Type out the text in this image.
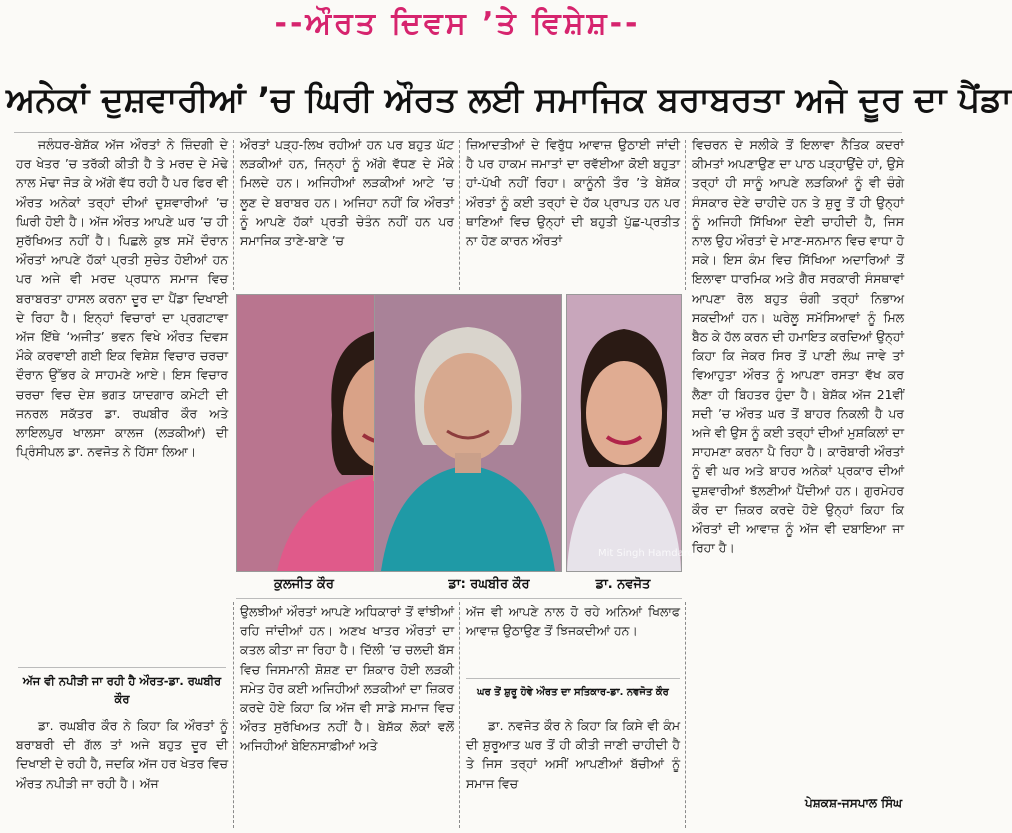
--ਔਰਤ ਦਿਵਸ ’ਤੇ ਵਿਸ਼ੇਸ਼--
ਅਨੇਕਾਂ ਦੁਸ਼ਵਾਰੀਆਂ ’ਚ ਘਿਰੀ ਔਰਤ ਲਈ ਸਮਾਜਿਕ ਬਰਾਬਰਤਾ ਅਜੇ ਦੂਰ ਦਾ ਪੈਂਡਾ

ਜਲੰਧਰ-ਬੇਸ਼ੱਕ ਅੱਜ ਔਰਤਾਂ ਨੇ ਜ਼ਿੰਦਗੀ ਦੇ ਹਰ ਖੇਤਰ ’ਚ ਤਰੱਕੀ ਕੀਤੀ ਹੈ ਤੇ ਮਰਦ ਦੇ ਮੋਢੇ ਨਾਲ ਮੋਢਾ ਜੋੜ ਕੇ ਅੱਗੇ ਵੱਧ ਰਹੀ ਹੈ ਪਰ ਫਿਰ ਵੀ ਔਰਤ ਅਨੇਕਾਂ ਤਰ੍ਹਾਂ ਦੀਆਂ ਦੁਸ਼ਵਾਰੀਆਂ ’ਚ ਘਿਰੀ ਹੋਈ ਹੈ। ਅੱਜ ਔਰਤ ਆਪਣੇ ਘਰ ’ਚ ਹੀ ਸੁਰੱਖਿਅਤ ਨਹੀਂ ਹੈ। ਪਿਛਲੇ ਕੁਝ ਸਮੇਂ ਦੌਰਾਨ ਔਰਤਾਂ ਆਪਣੇ ਹੱਕਾਂ ਪ੍ਰਤੀ ਸੁਚੇਤ ਹੋਈਆਂ ਹਨ ਪਰ ਅਜੇ ਵੀ ਮਰਦ ਪ੍ਰਧਾਨ ਸਮਾਜ ਵਿਚ ਬਰਾਬਰਤਾ ਹਾਸਲ ਕਰਨਾ ਦੂਰ ਦਾ ਪੈਂਡਾ ਦਿਖਾਈ ਦੇ ਰਿਹਾ ਹੈ। ਇਨ੍ਹਾਂ ਵਿਚਾਰਾਂ ਦਾ ਪ੍ਰਗਟਾਵਾ ਅੱਜ ਇੱਥੇ ‘ਅਜੀਤ’ ਭਵਨ ਵਿਖੇ ਔਰਤ ਦਿਵਸ ਮੌਕੇ ਕਰਵਾਈ ਗਈ ਇਕ ਵਿਸ਼ੇਸ਼ ਵਿਚਾਰ ਚਰਚਾ ਦੌਰਾਨ ਉੱਭਰ ਕੇ ਸਾਹਮਣੇ ਆਏ। ਇਸ ਵਿਚਾਰ ਚਰਚਾ ਵਿਚ ਦੇਸ਼ ਭਗਤ ਯਾਦਗਾਰ ਕਮੇਟੀ ਦੀ ਜਨਰਲ ਸਕੱਤਰ ਡਾ. ਰਘਬੀਰ ਕੌਰ ਅਤੇ ਲਾਇਲਪੁਰ ਖਾਲਸਾ ਕਾਲਜ (ਲੜਕੀਆਂ) ਦੀ ਪ੍ਰਿੰਸੀਪਲ ਡਾ. ਨਵਜੋਤ ਨੇ ਹਿੱਸਾ ਲਿਆ।

ਅੱਜ ਵੀ ਨਪੀੜੀ ਜਾ ਰਹੀ ਹੈ ਔਰਤ-ਡਾ. ਰਘਬੀਰ ਕੌਰ

ਡਾ. ਰਘਬੀਰ ਕੌਰ ਨੇ ਕਿਹਾ ਕਿ ਔਰਤਾਂ ਨੂੰ ਬਰਾਬਰੀ ਦੀ ਗੱਲ ਤਾਂ ਅਜੇ ਬਹੁਤ ਦੂਰ ਦੀ ਦਿਖਾਈ ਦੇ ਰਹੀ ਹੈ, ਜਦਕਿ ਅੱਜ ਹਰ ਖੇਤਰ ਵਿਚ ਔਰਤ ਨਪੀੜੀ ਜਾ ਰਹੀ ਹੈ। ਅੱਜ

ਔਰਤਾਂ ਪੜ੍ਹ-ਲਿਖ ਰਹੀਆਂ ਹਨ ਪਰ ਬਹੁਤ ਘੱਟ ਲੜਕੀਆਂ ਹਨ, ਜਿਨ੍ਹਾਂ ਨੂੰ ਅੱਗੇ ਵੱਧਣ ਦੇ ਮੌਕੇ ਮਿਲਦੇ ਹਨ। ਅਜਿਹੀਆਂ ਲੜਕੀਆਂ ਆਟੇ ’ਚ ਲੂਣ ਦੇ ਬਰਾਬਰ ਹਨ। ਅਜਿਹਾ ਨਹੀਂ ਕਿ ਔਰਤਾਂ ਨੂੰ ਆਪਣੇ ਹੱਕਾਂ ਪ੍ਰਤੀ ਚੇਤੰਨ ਨਹੀਂ ਹਨ ਪਰ ਸਮਾਜਿਕ ਤਾਣੇ-ਬਾਣੇ ’ਚ

ਉਲਝੀਆਂ ਔਰਤਾਂ ਆਪਣੇ ਅਧਿਕਾਰਾਂ ਤੋਂ ਵਾਂਝੀਆਂ ਰਹਿ ਜਾਂਦੀਆਂ ਹਨ। ਅਣਖ ਖਾਤਰ ਔਰਤਾਂ ਦਾ ਕਤਲ ਕੀਤਾ ਜਾ ਰਿਹਾ ਹੈ। ਦਿੱਲੀ ’ਚ ਚਲਦੀ ਬੱਸ ਵਿਚ ਜਿਸਮਾਨੀ ਸ਼ੋਸ਼ਣ ਦਾ ਸ਼ਿਕਾਰ ਹੋਈ ਲੜਕੀ ਸਮੇਤ ਹੋਰ ਕਈ ਅਜਿਹੀਆਂ ਲੜਕੀਆਂ ਦਾ ਜ਼ਿਕਰ ਕਰਦੇ ਹੋਏ ਕਿਹਾ ਕਿ ਅੱਜ ਵੀ ਸਾਡੇ ਸਮਾਜ ਵਿਚ ਔਰਤ ਸੁਰੱਖਿਅਤ ਨਹੀਂ ਹੈ। ਬੇਸ਼ੱਕ ਲੋਕਾਂ ਵਲੋਂ ਅਜਿਹੀਆਂ ਬੇਇਨਸਾਫ਼ੀਆਂ ਅਤੇ

ਜ਼ਿਆਦਤੀਆਂ ਦੇ ਵਿਰੁੱਧ ਆਵਾਜ਼ ਉਠਾਈ ਜਾਂਦੀ ਹੈ ਪਰ ਹਾਕਮ ਜਮਾਤਾਂ ਦਾ ਰਵੱਈਆ ਕੋਈ ਬਹੁਤਾ ਹਾਂ-ਪੱਖੀ ਨਹੀਂ ਰਿਹਾ। ਕਾਨੂੰਨੀ ਤੌਰ ’ਤੇ ਬੇਸ਼ੱਕ ਔਰਤਾਂ ਨੂੰ ਕਈ ਤਰ੍ਹਾਂ ਦੇ ਹੱਕ ਪ੍ਰਾਪਤ ਹਨ ਪਰ ਥਾਣਿਆਂ ਵਿਚ ਉਨ੍ਹਾਂ ਦੀ ਬਹੁਤੀ ਪੁੱਛ-ਪ੍ਰਤੀਤ ਨਾ ਹੋਣ ਕਾਰਨ ਔਰਤਾਂ

ਅੱਜ ਵੀ ਆਪਣੇ ਨਾਲ ਹੋ ਰਹੇ ਅਨਿਆਂ ਖਿਲਾਫ ਆਵਾਜ਼ ਉਠਾਉਣ ਤੋਂ ਝਿਜਕਦੀਆਂ ਹਨ।

ਘਰ ਤੋਂ ਸ਼ੁਰੂ ਹੋਵੇ ਔਰਤ ਦਾ ਸਤਿਕਾਰ-ਡਾ. ਨਵਜੋਤ ਕੌਰ

ਡਾ. ਨਵਜੋਤ ਕੌਰ ਨੇ ਕਿਹਾ ਕਿ ਕਿਸੇ ਵੀ ਕੰਮ ਦੀ ਸ਼ੁਰੂਆਤ ਘਰ ਤੋਂ ਹੀ ਕੀਤੀ ਜਾਣੀ ਚਾਹੀਦੀ ਹੈ ਤੇ ਜਿਸ ਤਰ੍ਹਾਂ ਅਸੀਂ ਆਪਣੀਆਂ ਬੱਚੀਆਂ ਨੂੰ ਸਮਾਜ ਵਿਚ

ਵਿਚਰਨ ਦੇ ਸਲੀਕੇ ਤੋਂ ਇਲਾਵਾ ਨੈਤਿਕ ਕਦਰਾਂ ਕੀਮਤਾਂ ਅਪਣਾਉਣ ਦਾ ਪਾਠ ਪੜ੍ਹਾਉਂਦੇ ਹਾਂ, ਉਸੇ ਤਰ੍ਹਾਂ ਹੀ ਸਾਨੂੰ ਆਪਣੇ ਲੜਕਿਆਂ ਨੂੰ ਵੀ ਚੰਗੇ ਸੰਸਕਾਰ ਦੇਣੇ ਚਾਹੀਦੇ ਹਨ ਤੇ ਸ਼ੁਰੂ ਤੋਂ ਹੀ ਉਨ੍ਹਾਂ ਨੂੰ ਅਜਿਹੀ ਸਿੱਖਿਆ ਦੇਣੀ ਚਾਹੀਦੀ ਹੈ, ਜਿਸ ਨਾਲ ਉਹ ਔਰਤਾਂ ਦੇ ਮਾਣ-ਸਨਮਾਨ ਵਿਚ ਵਾਧਾ ਹੋ ਸਕੇ। ਇਸ ਕੰਮ ਵਿਚ ਸਿੱਖਿਆ ਅਦਾਰਿਆਂ ਤੋਂ ਇਲਾਵਾ ਧਾਰਮਿਕ ਅਤੇ ਗੈਰ ਸਰਕਾਰੀ ਸੰਸਥਾਵਾਂ ਆਪਣਾ ਰੋਲ ਬਹੁਤ ਚੰਗੀ ਤਰ੍ਹਾਂ ਨਿਭਾਅ ਸਕਦੀਆਂ ਹਨ। ਘਰੇਲੂ ਸਮੱਸਿਆਵਾਂ ਨੂੰ ਮਿਲ ਬੈਠ ਕੇ ਹੱਲ ਕਰਨ ਦੀ ਹਮਾਇਤ ਕਰਦਿਆਂ ਉਨ੍ਹਾਂ ਕਿਹਾ ਕਿ ਜੇਕਰ ਸਿਰ ਤੋਂ ਪਾਣੀ ਲੰਘ ਜਾਵੇ ਤਾਂ ਵਿਆਹੁਤਾ ਔਰਤ ਨੂੰ ਆਪਣਾ ਰਸਤਾ ਵੱਖ ਕਰ ਲੈਣਾ ਹੀ ਬਿਹਤਰ ਹੁੰਦਾ ਹੈ। ਬੇਸ਼ੱਕ ਅੱਜ 21ਵੀਂ ਸਦੀ ’ਚ ਔਰਤ ਘਰ ਤੋਂ ਬਾਹਰ ਨਿਕਲੀ ਹੈ ਪਰ ਅਜੇ ਵੀ ਉਸ ਨੂੰ ਕਈ ਤਰ੍ਹਾਂ ਦੀਆਂ ਮੁਸ਼ਕਿਲਾਂ ਦਾ ਸਾਹਮਣਾ ਕਰਨਾ ਪੈ ਰਿਹਾ ਹੈ। ਕਾਰੋਬਾਰੀ ਔਰਤਾਂ ਨੂੰ ਵੀ ਘਰ ਅਤੇ ਬਾਹਰ ਅਨੇਕਾਂ ਪ੍ਰਕਾਰ ਦੀਆਂ ਦੁਸ਼ਵਾਰੀਆਂ ਝੱਲਣੀਆਂ ਪੈਂਦੀਆਂ ਹਨ। ਗੁਰਮੇਹਰ ਕੌਰ ਦਾ ਜ਼ਿਕਰ ਕਰਦੇ ਹੋਏ ਉਨ੍ਹਾਂ ਕਿਹਾ ਕਿ ਔਰਤਾਂ ਦੀ ਆਵਾਜ਼ ਨੂੰ ਅੱਜ ਵੀ ਦਬਾਇਆ ਜਾ ਰਿਹਾ ਹੈ।

ਪੇਸ਼ਕਸ਼-ਜਸਪਾਲ ਸਿੰਘ
Mit Singh Hamdard
ਕੁਲਜੀਤ ਕੌਰ	ਡਾ: ਰਘਬੀਰ ਕੌਰ	ਡਾ. ਨਵਜੋਤ
